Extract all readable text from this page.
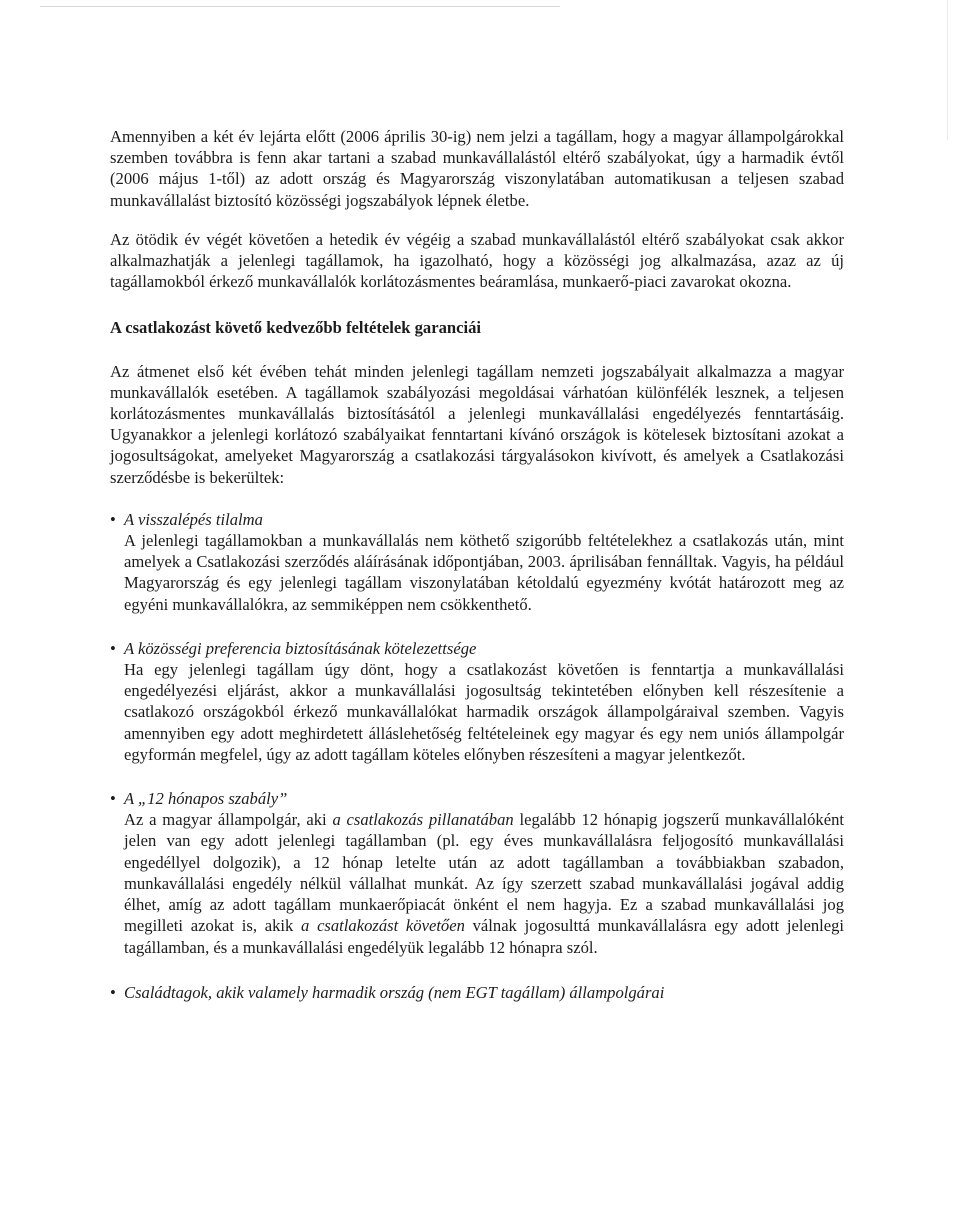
Amennyiben a két év lejárta előtt (2006 április 30-ig) nem jelzi a tagállam, hogy a magyar állampolgárokkal szemben továbbra is fenn akar tartani a szabad munkavállalástól eltérő szabályokat, úgy a harmadik évtől (2006 május 1-től) az adott ország és Magyarország viszonylatában automatikusan a teljesen szabad munkavállalást biztosító közösségi jogszabályok lépnek életbe.

Az ötödik év végét követően a hetedik év végéig a szabad munkavállalástól eltérő szabályokat csak akkor alkalmazhatják a jelenlegi tagállamok, ha igazolható, hogy a közösségi jog alkalmazása, azaz az új tagállamokból érkező munkavállalók korlátozásmentes beáramlása, munkaerő-piaci zavarokat okozna.

A csatlakozást követő kedvezőbb feltételek garanciái

Az átmenet első két évében tehát minden jelenlegi tagállam nemzeti jogszabályait alkalmazza a magyar munkavállalók esetében. A tagállamok szabályozási megoldásai várhatóan különfélék lesznek, a teljesen korlátozásmentes munkavállalás biztosításától a jelenlegi munkavállalási engedélyezés fenntartásáig. Ugyanakkor a jelenlegi korlátozó szabályaikat fenntartani kívánó országok is kötelesek biztosítani azokat a jogosultságokat, amelyeket Magyarország a csatlakozási tárgyalásokon kivívott, és amelyek a Csatlakozási szerződésbe is bekerültek:

• A visszalépés tilalma

A jelenlegi tagállamokban a munkavállalás nem köthető szigorúbb feltételekhez a csatlakozás után, mint amelyek a Csatlakozási szerződés aláírásának időpontjában, 2003. áprilisában fennálltak. Vagyis, ha például Magyarország és egy jelenlegi tagállam viszonylatában kétoldalú egyezmény kvótát határozott meg az egyéni munkavállalókra, az semmiképpen nem csökkenthető.

• A közösségi preferencia biztosításának kötelezettsége

Ha egy jelenlegi tagállam úgy dönt, hogy a csatlakozást követően is fenntartja a munkavállalási engedélyezési eljárást, akkor a munkavállalási jogosultság tekintetében előnyben kell részesítenie a csatlakozó országokból érkező munkavállalókat harmadik országok állampolgáraival szemben. Vagyis amennyiben egy adott meghirdetett álláslehetőség feltételeinek egy magyar és egy nem uniós állampolgár egyformán megfelel, úgy az adott tagállam köteles előnyben részesíteni a magyar jelentkezőt.

• A „12 hónapos szabály”

Az a magyar állampolgár, aki a csatlakozás pillanatában legalább 12 hónapig jogszerű munkavállalóként jelen van egy adott jelenlegi tagállamban (pl. egy éves munkavállalásra feljogosító munkavállalási engedéllyel dolgozik), a 12 hónap letelte után az adott tagállamban a továbbiakban szabadon, munkavállalási engedély nélkül vállalhat munkát. Az így szerzett szabad munkavállalási jogával addig élhet, amíg az adott tagállam munkaerőpiacát önként el nem hagyja. Ez a szabad munkavállalási jog megilleti azokat is, akik a csatlakozást követően válnak jogosulttá munkavállalásra egy adott jelenlegi tagállamban, és a munkavállalási engedélyük legalább 12 hónapra szól.

• Családtagok, akik valamely harmadik ország (nem EGT tagállam) állampolgárai
